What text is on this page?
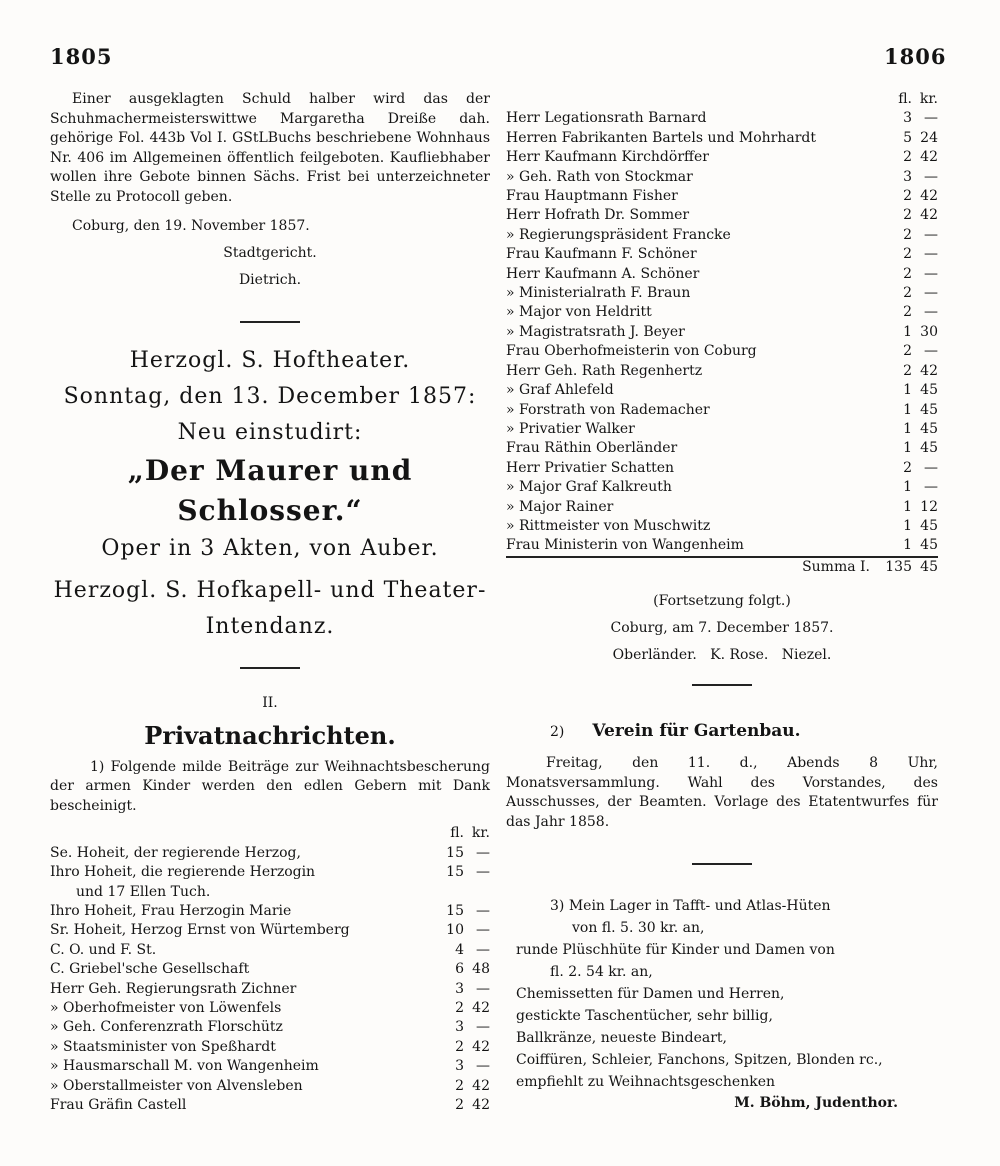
1805	1806

Einer ausgeklagten Schuld halber wird das der Schuhmachermeisterswittwe Margaretha Dreiße dah. gehörige Fol. 443b Vol I. GStLBuchs beschriebene Wohnhaus Nr. 406 im Allgemeinen öffentlich feilgeboten. Kaufliebhaber wollen ihre Gebote binnen Sächs. Frist bei unterzeichneter Stelle zu Protocoll geben.

Coburg, den 19. November 1857.

Stadtgericht.

Dietrich.

Herzogl. S. Hoftheater.
Sonntag, den 13. December 1857:
Neu einstudirt:
„Der Maurer und Schlosser.“
Oper in 3 Akten, von Auber.
Herzogl. S. Hofkapell- und Theater-
Intendanz.
II.
Privatnachrichten.

1) Folgende milde Beiträge zur Weihnachtsbescherung der armen Kinder werden den edlen Gebern mit Dank bescheinigt.

	fl.	kr.
Se. Hoheit, der regierende Herzog,	15	—
Ihro Hoheit, die regierende Herzogin	15	—
und 17 Ellen Tuch.		
Ihro Hoheit, Frau Herzogin Marie	15	—
Sr. Hoheit, Herzog Ernst von Würtemberg	10	—
C. O. und F. St.	4	—
C. Griebel'sche Gesellschaft	6	48
Herr Geh. Regierungsrath Zichner	3	—
» Oberhofmeister von Löwenfels	2	42
» Geh. Conferenzrath Florschütz	3	—
» Staatsminister von Speßhardt	2	42
» Hausmarschall M. von Wangenheim	3	—
» Oberstallmeister von Alvensleben	2	42
Frau Gräfin Castell	2	42
	fl.	kr.
Herr Legationsrath Barnard	3	—
Herren Fabrikanten Bartels und Mohrhardt	5	24
Herr Kaufmann Kirchdörffer	2	42
» Geh. Rath von Stockmar	3	—
Frau Hauptmann Fisher	2	42
Herr Hofrath Dr. Sommer	2	42
» Regierungspräsident Francke	2	—
Frau Kaufmann F. Schöner	2	—
Herr Kaufmann A. Schöner	2	—
» Ministerialrath F. Braun	2	—
» Major von Heldritt	2	—
» Magistratsrath J. Beyer	1	30
Frau Oberhofmeisterin von Coburg	2	—
Herr Geh. Rath Regenhertz	2	42
» Graf Ahlefeld	1	45
» Forstrath von Rademacher	1	45
» Privatier Walker	1	45
Frau Räthin Oberländer	1	45
Herr Privatier Schatten	2	—
» Major Graf Kalkreuth	1	—
» Major Rainer	1	12
» Rittmeister von Muschwitz	1	45
Frau Ministerin von Wangenheim	1	45
Summa I.	135	45

(Fortsetzung folgt.)

Coburg, am 7. December 1857.

Oberländer.   K. Rose.   Niezel.

2) Verein für Gartenbau.

Freitag, den 11. d., Abends 8 Uhr, Monatsversammlung. Wahl des Vorstandes, des Ausschusses, der Beamten. Vorlage des Etatentwurfes für das Jahr 1858.

3) Mein Lager in Tafft- und Atlas-Hüten

von fl. 5. 30 kr. an,

runde Plüschhüte für Kinder und Damen von

fl. 2. 54 kr. an,

Chemissetten für Damen und Herren,

gestickte Taschentücher, sehr billig,

Ballkränze, neueste Bindeart,

Coiffüren, Schleier, Fanchons, Spitzen, Blonden rc.,

empfiehlt zu Weihnachtsgeschenken

M. Böhm, Judenthor.
